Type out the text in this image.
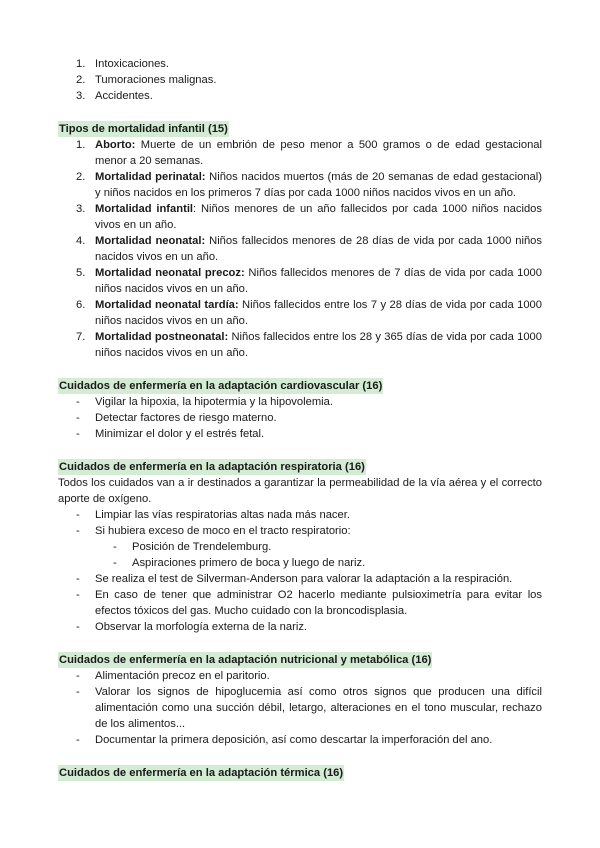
1. Intoxicaciones.
2. Tumoraciones malignas.
3. Accidentes.
Tipos de mortalidad infantil (15)
1. Aborto: Muerte de un embrión de peso menor a 500 gramos o de edad gestacional menor a 20 semanas.
2. Mortalidad perinatal: Niños nacidos muertos (más de 20 semanas de edad gestacional) y niños nacidos en los primeros 7 días por cada 1000 niños nacidos vivos en un año.
3. Mortalidad infantil: Niños menores de un año fallecidos por cada 1000 niños nacidos vivos en un año.
4. Mortalidad neonatal: Niños fallecidos menores de 28 días de vida por cada 1000 niños nacidos vivos en un año.
5. Mortalidad neonatal precoz: Niños fallecidos menores de 7 días de vida por cada 1000 niños nacidos vivos en un año.
6. Mortalidad neonatal tardía: Niños fallecidos entre los 7 y 28 días de vida por cada 1000 niños nacidos vivos en un año.
7. Mortalidad postneonatal: Niños fallecidos entre los 28 y 365 días de vida por cada 1000 niños nacidos vivos en un año.
Cuidados de enfermería en la adaptación cardiovascular (16)
- Vigilar la hipoxia, la hipotermia y la hipovolemia.
- Detectar factores de riesgo materno.
- Minimizar el dolor y el estrés fetal.
Cuidados de enfermería en la adaptación respiratoria (16)

Todos los cuidados van a ir destinados a garantizar la permeabilidad de la vía aérea y el correcto aporte de oxígeno.

- Limpiar las vías respiratorias altas nada más nacer.
- Si hubiera exceso de moco en el tracto respiratorio:
- Posición de Trendelemburg.
- Aspiraciones primero de boca y luego de nariz.
- Se realiza el test de Silverman-Anderson para valorar la adaptación a la respiración.
- En caso de tener que administrar O2 hacerlo mediante pulsioximetría para evitar los efectos tóxicos del gas. Mucho cuidado con la broncodisplasia.
- Observar la morfología externa de la nariz.
Cuidados de enfermería en la adaptación nutricional y metabólica (16)
- Alimentación precoz en el paritorio.
- Valorar los signos de hipoglucemia así como otros signos que producen una difícil alimentación como una succión débil, letargo, alteraciones en el tono muscular, rechazo de los alimentos...
- Documentar la primera deposición, así como descartar la imperforación del ano.
Cuidados de enfermería en la adaptación térmica (16)
